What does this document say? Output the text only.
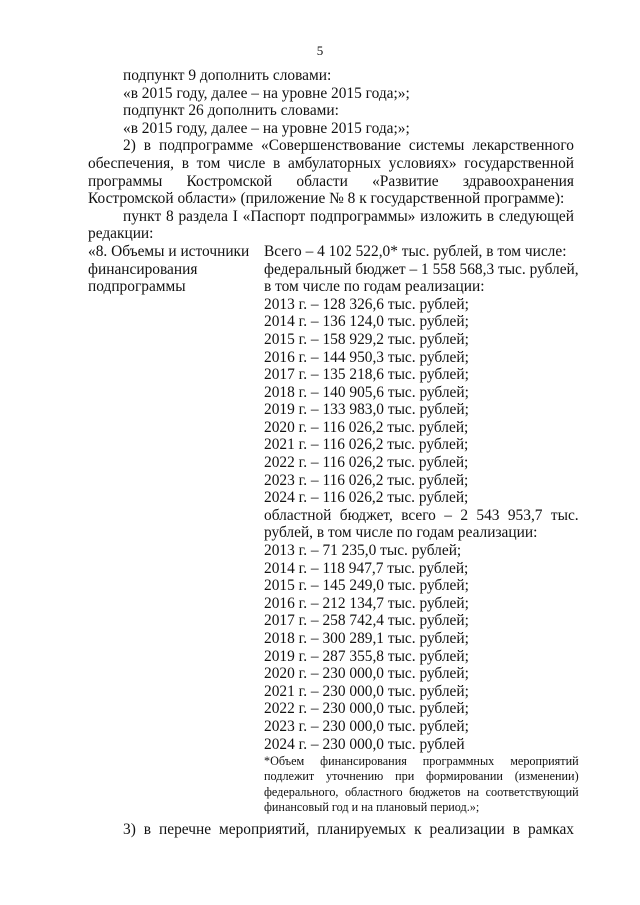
5

подпункт 9 дополнить словами:

«в 2015 году, далее – на уровне 2015 года;»;

подпункт 26 дополнить словами:

«в 2015 году, далее – на уровне 2015 года;»;

2) в подпрограмме «Совершенствование системы лекарственного обеспечения, в том числе в амбулаторных условиях» государственной программы Костромской области «Развитие здравоохранения Костромской области» (приложение № 8 к государственной программе):

пункт 8 раздела I «Паспорт подпрограммы» изложить в следующей редакции:

«8. Объемы и источники
финансирования
подпрограммы
Всего – 4 102 522,0* тыс. рублей, в том числе:
федеральный бюджет – 1 558 568,3 тыс. рублей,
в том числе по годам реализации:
2013 г. – 128 326,6 тыс. рублей;
2014 г. – 136 124,0 тыс. рублей;
2015 г. – 158 929,2 тыс. рублей;
2016 г. – 144 950,3 тыс. рублей;
2017 г. – 135 218,6 тыс. рублей;
2018 г. – 140 905,6 тыс. рублей;
2019 г. – 133 983,0 тыс. рублей;
2020 г. – 116 026,2 тыс. рублей;
2021 г. – 116 026,2 тыс. рублей;
2022 г. – 116 026,2 тыс. рублей;
2023 г. – 116 026,2 тыс. рублей;
2024 г. – 116 026,2 тыс. рублей;
областной бюджет, всего – 2 543 953,7 тыс.
рублей, в том числе по годам реализации:
2013 г. – 71 235,0 тыс. рублей;
2014 г. – 118 947,7 тыс. рублей;
2015 г. – 145 249,0 тыс. рублей;
2016 г. – 212 134,7 тыс. рублей;
2017 г. – 258 742,4 тыс. рублей;
2018 г. – 300 289,1 тыс. рублей;
2019 г. – 287 355,8 тыс. рублей;
2020 г. – 230 000,0 тыс. рублей;
2021 г. – 230 000,0 тыс. рублей;
2022 г. – 230 000,0 тыс. рублей;
2023 г. – 230 000,0 тыс. рублей;
2024 г. – 230 000,0 тыс. рублей

*Объем финансирования программных мероприятий подлежит уточнению при формировании (изменении) федерального, областного бюджетов на соответствующий финансовый год и на плановый период.»;

3) в перечне мероприятий, планируемых к реализации в рамках
